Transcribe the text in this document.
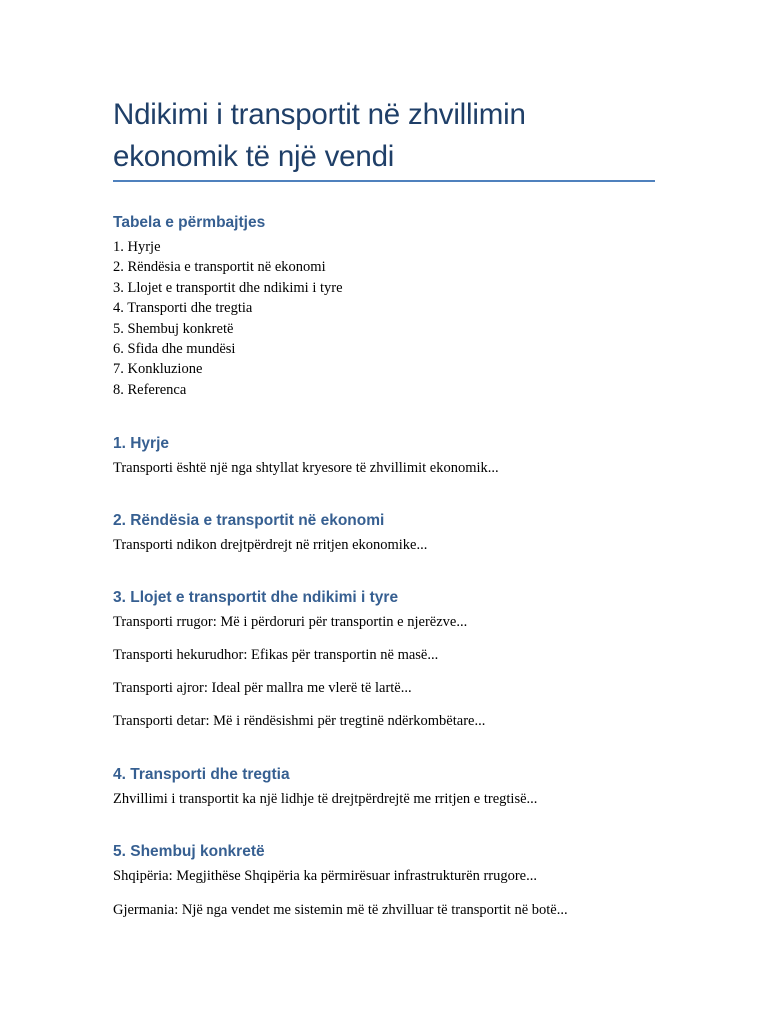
Ndikimi i transportit në zhvillimin ekonomik të një vendi
Tabela e përmbajtjes
1. Hyrje
2. Rëndësia e transportit në ekonomi
3. Llojet e transportit dhe ndikimi i tyre
4. Transporti dhe tregtia
5. Shembuj konkretë
6. Sfida dhe mundësi
7. Konkluzione
8. Referenca
1. Hyrje
Transporti është një nga shtyllat kryesore të zhvillimit ekonomik...
2. Rëndësia e transportit në ekonomi
Transporti ndikon drejtpërdrejt në rritjen ekonomike...
3. Llojet e transportit dhe ndikimi i tyre
Transporti rrugor: Më i përdoruri për transportin e njerëzve...
Transporti hekurudhor: Efikas për transportin në masë...
Transporti ajror: Ideal për mallra me vlerë të lartë...
Transporti detar: Më i rëndësishmi për tregtinë ndërkombëtare...
4. Transporti dhe tregtia
Zhvillimi i transportit ka një lidhje të drejtpërdrejtë me rritjen e tregtisë...
5. Shembuj konkretë
Shqipëria: Megjithëse Shqipëria ka përmirësuar infrastrukturën rrugore...
Gjermania: Një nga vendet me sistemin më të zhvilluar të transportit në botë...
